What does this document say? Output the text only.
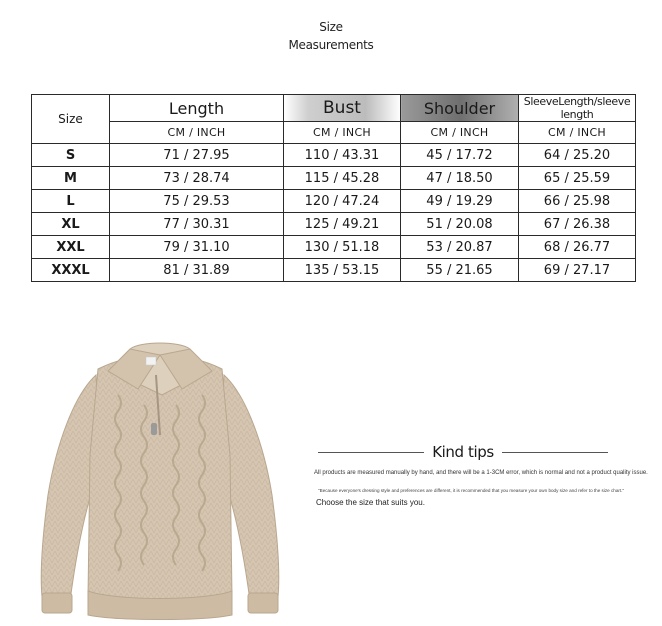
Size
Measurements
Size	Length	Bust	Shoulder	SleeveLength/sleeve length
	CM / INCH	CM / INCH	CM / INCH	CM / INCH
S	71 / 27.95	110 / 43.31	45 / 17.72	64 / 25.20
M	73 / 28.74	115 / 45.28	47 / 18.50	65 / 25.59
L	75 / 29.53	120 / 47.24	49 / 19.29	66 / 25.98
XL	77 / 30.31	125 / 49.21	51 / 20.08	67 / 26.38
XXL	79 / 31.10	130 / 51.18	53 / 20.87	68 / 26.77
XXXL	81 / 31.89	135 / 53.15	55 / 21.65	69 / 27.17
Kind tips
All products are measured manually by hand, and there will be a 1-3CM error, which is normal and not a product quality issue.
"Because everyone's dressing style and preferences are different, it is recommended that you measure your own body size and refer to the size chart."
Choose the size that suits you.
